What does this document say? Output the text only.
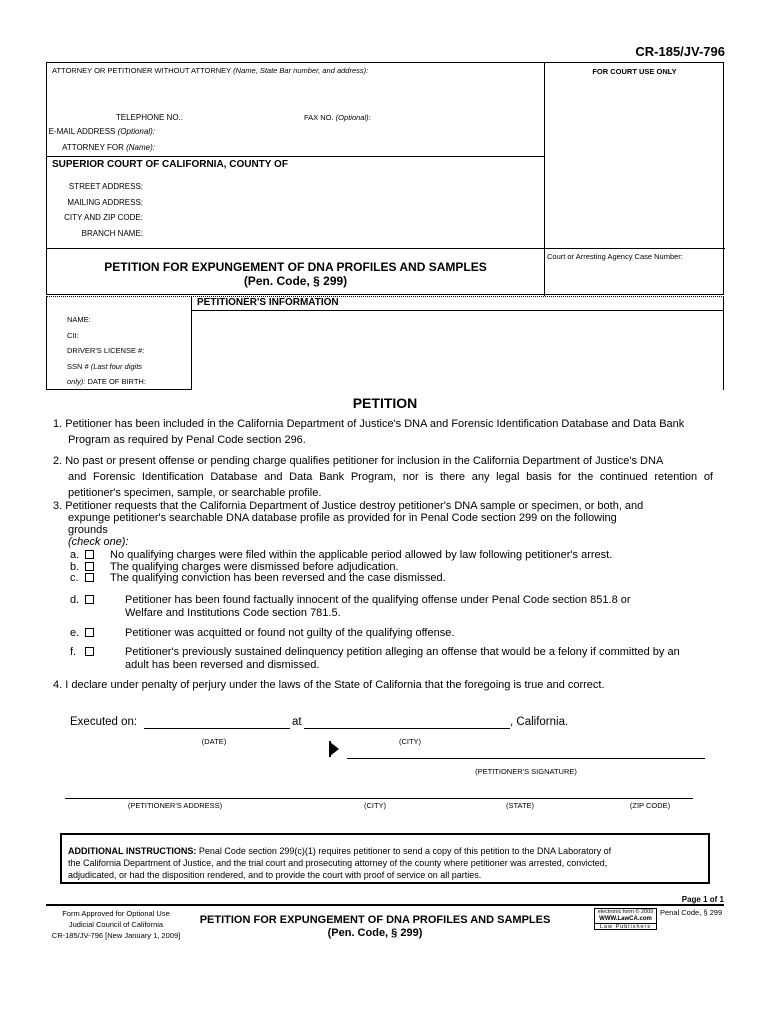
CR-185/JV-796
ATTORNEY OR PETITIONER WITHOUT ATTORNEY (Name, State Bar number, and address):	FOR COURT USE ONLY
TELEPHONE NO.:	FAX NO. (Optional):
E-MAIL ADDRESS (Optional):
ATTORNEY FOR (Name):
SUPERIOR COURT OF CALIFORNIA, COUNTY OF
STREET ADDRESS:
MAILING ADDRESS:
CITY AND ZIP CODE:
BRANCH NAME:
Court or Arresting Agency Case Number:
PETITION FOR EXPUNGEMENT OF DNA PROFILES AND SAMPLES
(Pen. Code, § 299)
PETITIONER'S INFORMATION
NAME:
CII:
DRIVER'S LICENSE #:
SSN # (Last four digits
only): DATE OF BIRTH:
PETITION
1. Petitioner has been included in the California Department of Justice's DNA and Forensic Identification Database and Data Bank
Program as required by Penal Code section 296.
2. No past or present offense or pending charge qualifies petitioner for inclusion in the California Department of Justice's DNA
and Forensic Identification Database and Data Bank Program, nor is there any legal basis for the continued retention of
petitioner's specimen, sample, or searchable profile.
3. Petitioner requests that the California Department of Justice destroy petitioner's DNA sample or specimen, or both, and
expunge petitioner's searchable DNA database profile as provided for in Penal Code section 299 on the following
grounds
(check one):
a.	No qualifying charges were filed within the applicable period allowed by law following petitioner's arrest.
b.	The qualifying charges were dismissed before adjudication.
c.	The qualifying conviction has been reversed and the case dismissed.
d.	Petitioner has been found factually innocent of the qualifying offense under Penal Code section 851.8 or
Welfare and Institutions Code section 781.5.
e.	Petitioner was acquitted or found not guilty of the qualifying offense.
f.	Petitioner's previously sustained delinquency petition alleging an offense that would be a felony if committed by an
adult has been reversed and dismissed.
4. I declare under penalty of perjury under the laws of the State of California that the foregoing is true and correct.
Executed on:	at	, California.
(DATE)	(CITY)
(PETITIONER'S SIGNATURE)
(PETITIONER'S ADDRESS)	(CITY)	(STATE)	(ZIP CODE)
ADDITIONAL INSTRUCTIONS: Penal Code section 299(c)(1) requires petitioner to send a copy of this petition to the DNA Laboratory of
the California Department of Justice, and the trial court and prosecuting attorney of the county where petitioner was arrested, convicted,
adjudicated, or had the disposition rendered, and to provide the court with proof of service on all parties.
Page 1 of 1
Form Approved for Optional Use
Judicial Council of California
CR-185/JV-796 [New January 1, 2009]
PETITION FOR EXPUNGEMENT OF DNA PROFILES AND SAMPLES
(Pen. Code, § 299)
electronic form © 2009
WWW.LawCA.com
Law Publishers
Penal Code, § 299
